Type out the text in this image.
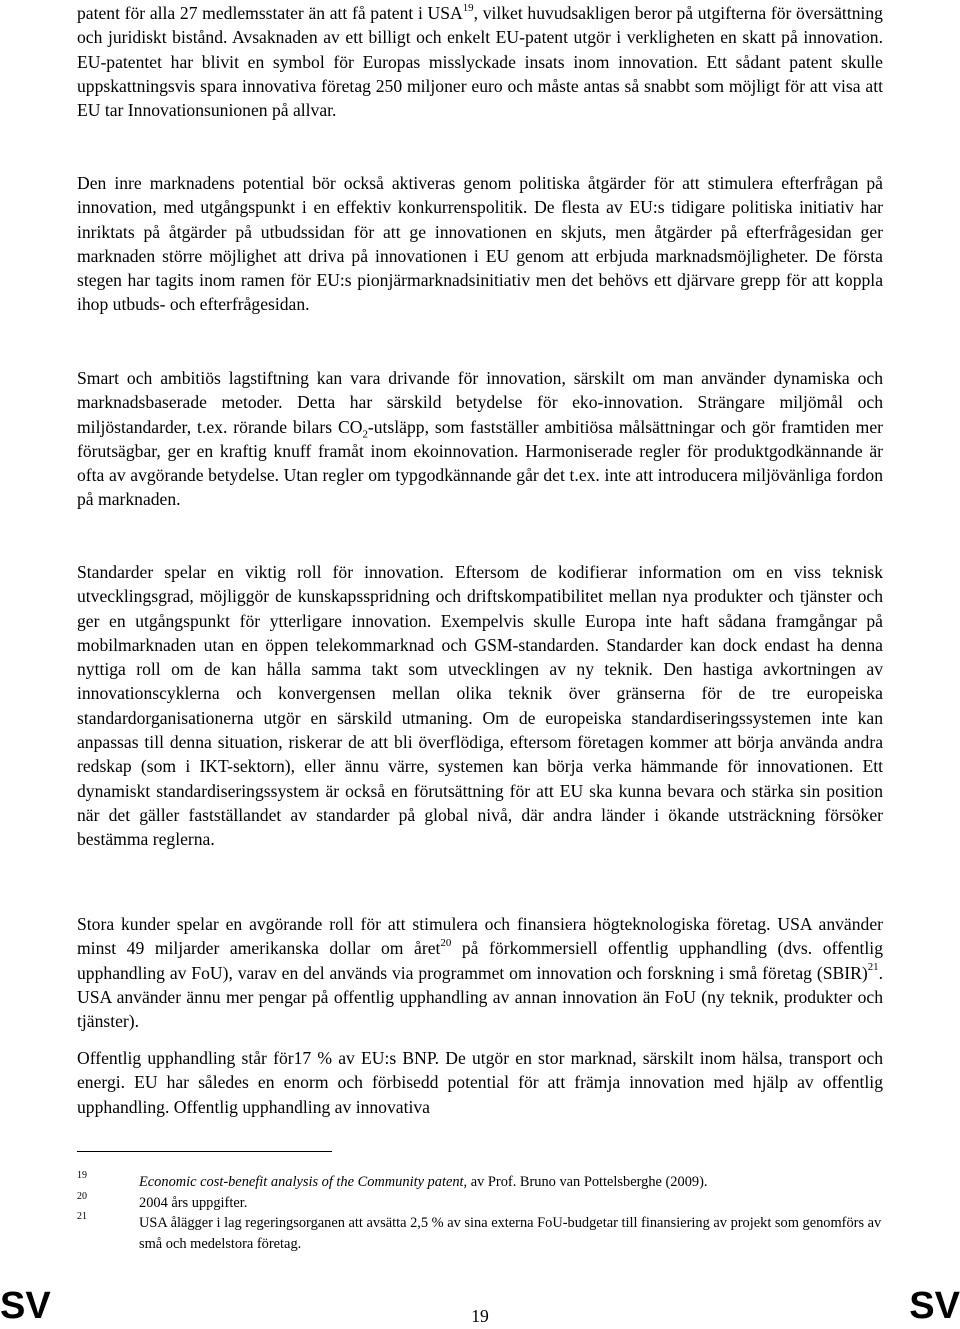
patent för alla 27 medlemsstater än att få patent i USA$^{19}$, vilket huvudsakligen beror på utgifterna för översättning och juridiskt bistånd. Avsaknaden av ett billigt och enkelt EU-patent utgör i verkligheten en skatt på innovation. EU-patentet har blivit en symbol för Europas misslyckade insats inom innovation. Ett sådant patent skulle uppskattningsvis spara innovativa företag 250 miljoner euro och måste antas så snabbt som möjligt för att visa att EU tar Innovationsunionen på allvar.

Den inre marknadens potential bör också aktiveras genom politiska åtgärder för att stimulera efterfrågan på innovation, med utgångspunkt i en effektiv konkurrenspolitik. De flesta av EU:s tidigare politiska initiativ har inriktats på åtgärder på utbudssidan för att ge innovationen en skjuts, men åtgärder på efterfrågesidan ger marknaden större möjlighet att driva på innovationen i EU genom att erbjuda marknadsmöjligheter. De första stegen har tagits inom ramen för EU:s pionjärmarknadsinitiativ men det behövs ett djärvare grepp för att koppla ihop utbuds- och efterfrågesidan.

Smart och ambitiös lagstiftning kan vara drivande för innovation, särskilt om man använder dynamiska och marknadsbaserade metoder. Detta har särskild betydelse för eko-innovation. Strängare miljömål och miljöstandarder, t.ex. rörande bilars $CO_2$-utsläpp, som fastställer ambitiösa målsättningar och gör framtiden mer förutsägbar, ger en kraftig knuff framåt inom ekoinnovation. Harmoniserade regler för produktgodkännande är ofta av avgörande betydelse. Utan regler om typgodkännande går det t.ex. inte att introducera miljövänliga fordon på marknaden.

Standarder spelar en viktig roll för innovation. Eftersom de kodifierar information om en viss teknisk utvecklingsgrad, möjliggör de kunskapsspridning och driftskompatibilitet mellan nya produkter och tjänster och ger en utgångspunkt för ytterligare innovation. Exempelvis skulle Europa inte haft sådana framgångar på mobilmarknaden utan en öppen telekommarknad och GSM-standarden. Standarder kan dock endast ha denna nyttiga roll om de kan hålla samma takt som utvecklingen av ny teknik. Den hastiga avkortningen av innovationscyklerna och konvergensen mellan olika teknik över gränserna för de tre europeiska standardorganisationerna utgör en särskild utmaning. Om de europeiska standardiseringssystemen inte kan anpassas till denna situation, riskerar de att bli överflödiga, eftersom företagen kommer att börja använda andra redskap (som i IKT-sektorn), eller ännu värre, systemen kan börja verka hämmande för innovationen. Ett dynamiskt standardiseringssystem är också en förutsättning för att EU ska kunna bevara och stärka sin position när det gäller fastställandet av standarder på global nivå, där andra länder i ökande utsträckning försöker bestämma reglerna.

Stora kunder spelar en avgörande roll för att stimulera och finansiera högteknologiska företag. USA använder minst 49 miljarder amerikanska dollar om året$^{20}$ på förkommersiell offentlig upphandling (dvs. offentlig upphandling av FoU), varav en del används via programmet om innovation och forskning i små företag (SBIR)$^{21}$. USA använder ännu mer pengar på offentlig upphandling av annan innovation än FoU (ny teknik, produkter och tjänster).

Offentlig upphandling står för17 % av EU:s BNP. De utgör en stor marknad, särskilt inom hälsa, transport och energi. EU har således en enorm och förbisedd potential för att främja innovation med hjälp av offentlig upphandling. Offentlig upphandling av innovativa

19	Economic cost-benefit analysis of the Community patent, av Prof. Bruno van Pottelsberghe (2009).
20	2004 års uppgifter.
21	USA ålägger i lag regeringsorganen att avsätta 2,5 % av sina externa FoU-budgetar till finansiering av projekt som genomförs av små och medelstora företag.
SV	19	SV
